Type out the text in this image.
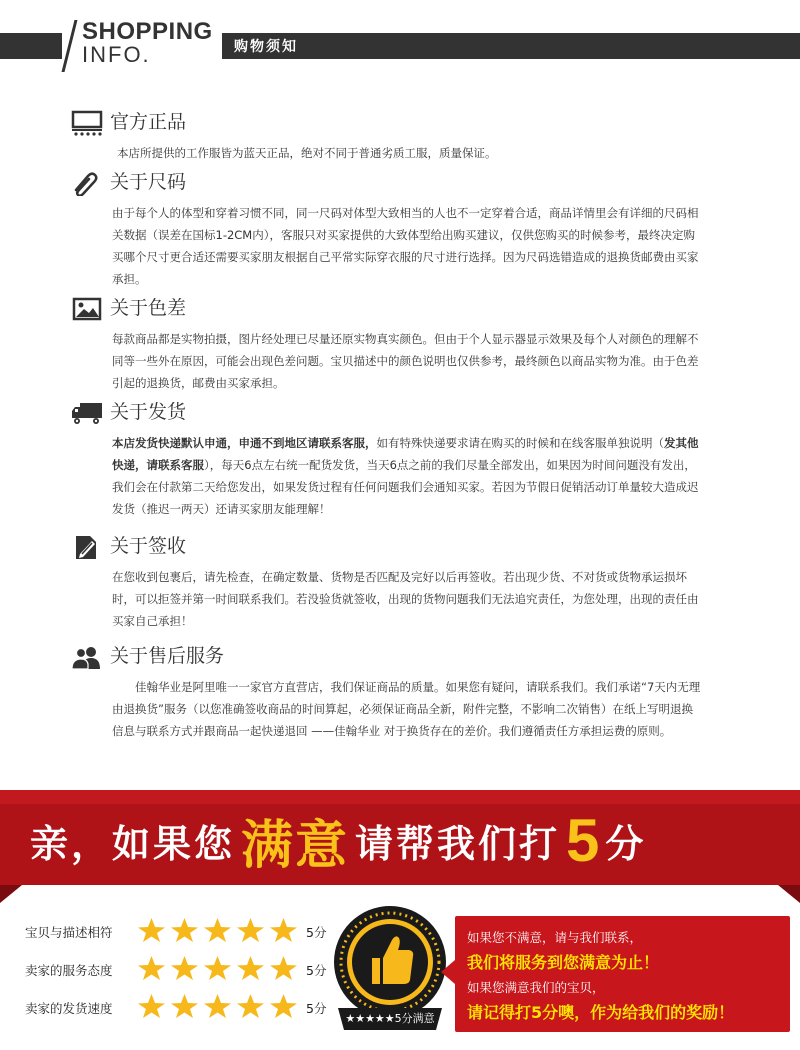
SHOPPING
INFO.	购物须知
官方正品
本店所提供的工作服皆为蓝天正品，绝对不同于普通劣质工服，质量保证。
关于尺码
由于每个人的体型和穿着习惯不同，同一尺码对体型大致相当的人也不一定穿着合适，商品详情里会有详细的尺码相关数据（误差在国标1-2CM内），客服只对买家提供的大致体型给出购买建议，仅供您购买的时候参考，最终决定购买哪个尺寸更合适还需要买家朋友根据自己平常实际穿衣服的尺寸进行选择。因为尺码选错造成的退换货邮费由买家承担。
关于色差
每款商品都是实物拍摄，图片经处理已尽量还原实物真实颜色。但由于个人显示器显示效果及每个人对颜色的理解不同等一些外在原因，可能会出现色差问题。宝贝描述中的颜色说明也仅供参考，最终颜色以商品实物为准。由于色差引起的退换货，邮费由买家承担。
关于发货
本店发货快递默认申通，申通不到地区请联系客服，如有特殊快递要求请在购买的时候和在线客服单独说明（发其他快递，请联系客服），每天6点左右统一配货发货，当天6点之前的我们尽量全部发出，如果因为时间问题没有发出，我们会在付款第二天给您发出，如果发货过程有任何问题我们会通知买家。若因为节假日促销活动订单量较大造成迟发货（推迟一两天）还请买家朋友能理解！
关于签收
在您收到包裹后，请先检查，在确定数量、货物是否匹配及完好以后再签收。若出现少货、不对货或货物承运损坏时，可以拒签并第一时间联系我们。若没验货就签收，出现的货物问题我们无法追究责任，为您处理，出现的责任由买家自己承担！
关于售后服务
佳翰华业是阿里唯一一家官方直营店，我们保证商品的质量。如果您有疑问，请联系我们。我们承诺“7天内无理由退换货”服务（以您准确签收商品的时间算起，必须保证商品全新，附件完整，不影响二次销售）在纸上写明退换信息与联系方式并跟商品一起快递退回 ——佳翰华业 对于换货存在的差价。我们遵循责任方承担运费的原则。
亲，如果您 满意 请帮我们打 5 分
宝贝与描述相符	5分
卖家的服务态度	5分
卖家的发货速度	5分
★★★★★5分满意
如果您不满意，请与我们联系，
我们将服务到您满意为止！
如果您满意我们的宝贝，
请记得打5分噢，作为给我们的奖励！
